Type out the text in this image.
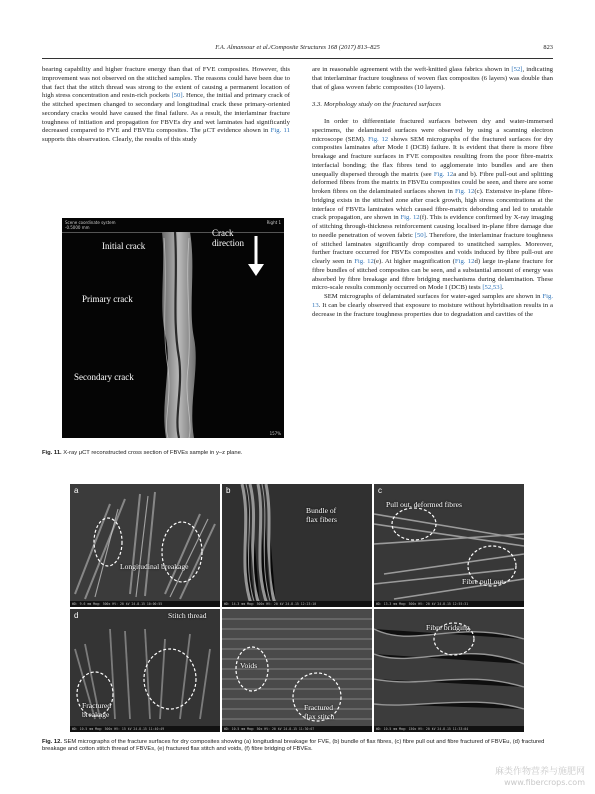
F.A. Almansour et al./Composite Structures 168 (2017) 813–825	823

bearing capability and higher fracture energy than that of FVE composites. However, this improvement was not observed on the stitched samples. The reasons could have been due to that fact that the stitch thread was strong to the extent of causing a permanent location of high stress concentration and resin-rich pockets [50]. Hence, the initial and primary crack of the stitched specimen changed to secondary and longitudinal crack these primary-oriented secondary cracks would have caused the final failure. As a result, the interlaminar fracture toughness of initiation and propagation for FBVEs dry and wet laminates had significantly decreased compared to FVE and FBVEu composites. The μCT evidence shown in Fig. 11 supports this observation. Clearly, the results of this study

Scene coordinate system
-0.5000 mm
Right 1
Initial crack
Crack
direction
Primary crack
Secondary crack
157%
Fig. 11. X-ray μCT reconstructed cross section of FBVEs sample in y–z plane.

are in reasonable agreement with the weft-knitted glass fabrics shown in [52], indicating that interlaminar fracture toughness of woven flax composites (6 layers) was double than that of glass woven fabric composites (10 layers).

3.3. Morphology study on the fractured surfaces

In order to differentiate fractured surfaces between dry and water-immersed specimens, the delaminated surfaces were observed by using a scanning electron microscope (SEM). Fig. 12 shows SEM micrographs of the fractured surfaces for dry composites laminates after Mode I (DCB) failure. It is evident that there is more fibre breakage and fracture surfaces in FVE composites resulting from the poor fibre-matrix interfacial bonding; the flax fibres tend to agglomerate into bundles and are then unequally dispersed through the matrix (see Fig. 12a and b). Fibre pull-out and splitting deformed fibres from the matrix in FBVEu composites could be seen, and there are some broken fibres on the delaminated surfaces shown in Fig. 12(c). Extensive in-plane fibre-bridging exists in the stitched zone after crack growth, high stress concentrations at the interface of FBVEs laminates which caused fibre-matrix debonding and led to unstable crack propagation, are shown in Fig. 12(f). This is evidence confirmed by X-ray imaging of stitching through-thickness reinforcement causing localised in-plane fibre damage due to needle penetration of woven fabric [50]. Therefore, the interlaminar fracture toughness of stitched laminates significantly drop compared to unstitched samples. Moreover, further fracture occurred for FBVEs composites and voids induced by fibre pull-out are clearly seen in Fig. 12(e). At higher magnification (Fig. 12d) large in-plane fracture for fibre bundles of stitched composites can be seen, and a substantial amount of energy was absorbed by fibre breakage and fibre bridging mechanisms during delamination. These micro-scale results commonly occurred on Mode I (DCB) tests [52,53].

SEM micrographs of delaminated surfaces for water-aged samples are shown in Fig. 13. It can be clearly observed that exposure to moisture without hybridisation results in a decrease in the fracture toughness properties due to degradation and cavities of the

a
Longitudinal breakage
WD: 9.6 mm Mag: 500x HV: 20 kV 24.8.15 10:00:55
b
Bundle of
flax fibers
WD: 14.3 mm Mag: 500x HV: 20 kV 24.8.15 12:23:10
c
Pull out, deformed fibres
Fibre pull out
WD: 13.3 mm Mag: 500x HV: 20 kV 24.8.15 12:55:31
d	Stitch thread
Fractured
breakage
WD: 10.5 mm Mag: 500x HV: 15 kV 24.8.15 11:40:49
Voids
Fractured
flax stitch
WD: 10.5 mm Mag: 50x HV: 20 kV 24.8.15 11:30:07
Fibre bridging
WD: 10.5 mm Mag: 150x HV: 20 kV 24.8.15 11:33:04
Fig. 12. SEM micrographs of the fracture surfaces for dry composites showing (a) longitudinal breakage for FVE, (b) bundle of flax fibres, (c) fibre pull out and fibre fractured of FBVEu, (d) fractured breakage and cotton stitch thread of FBVEs, (e) fractured flax stitch and voids, (f) fibre bridging of FBVEs.
麻类作物营养与施肥网
www.fibercrops.com
